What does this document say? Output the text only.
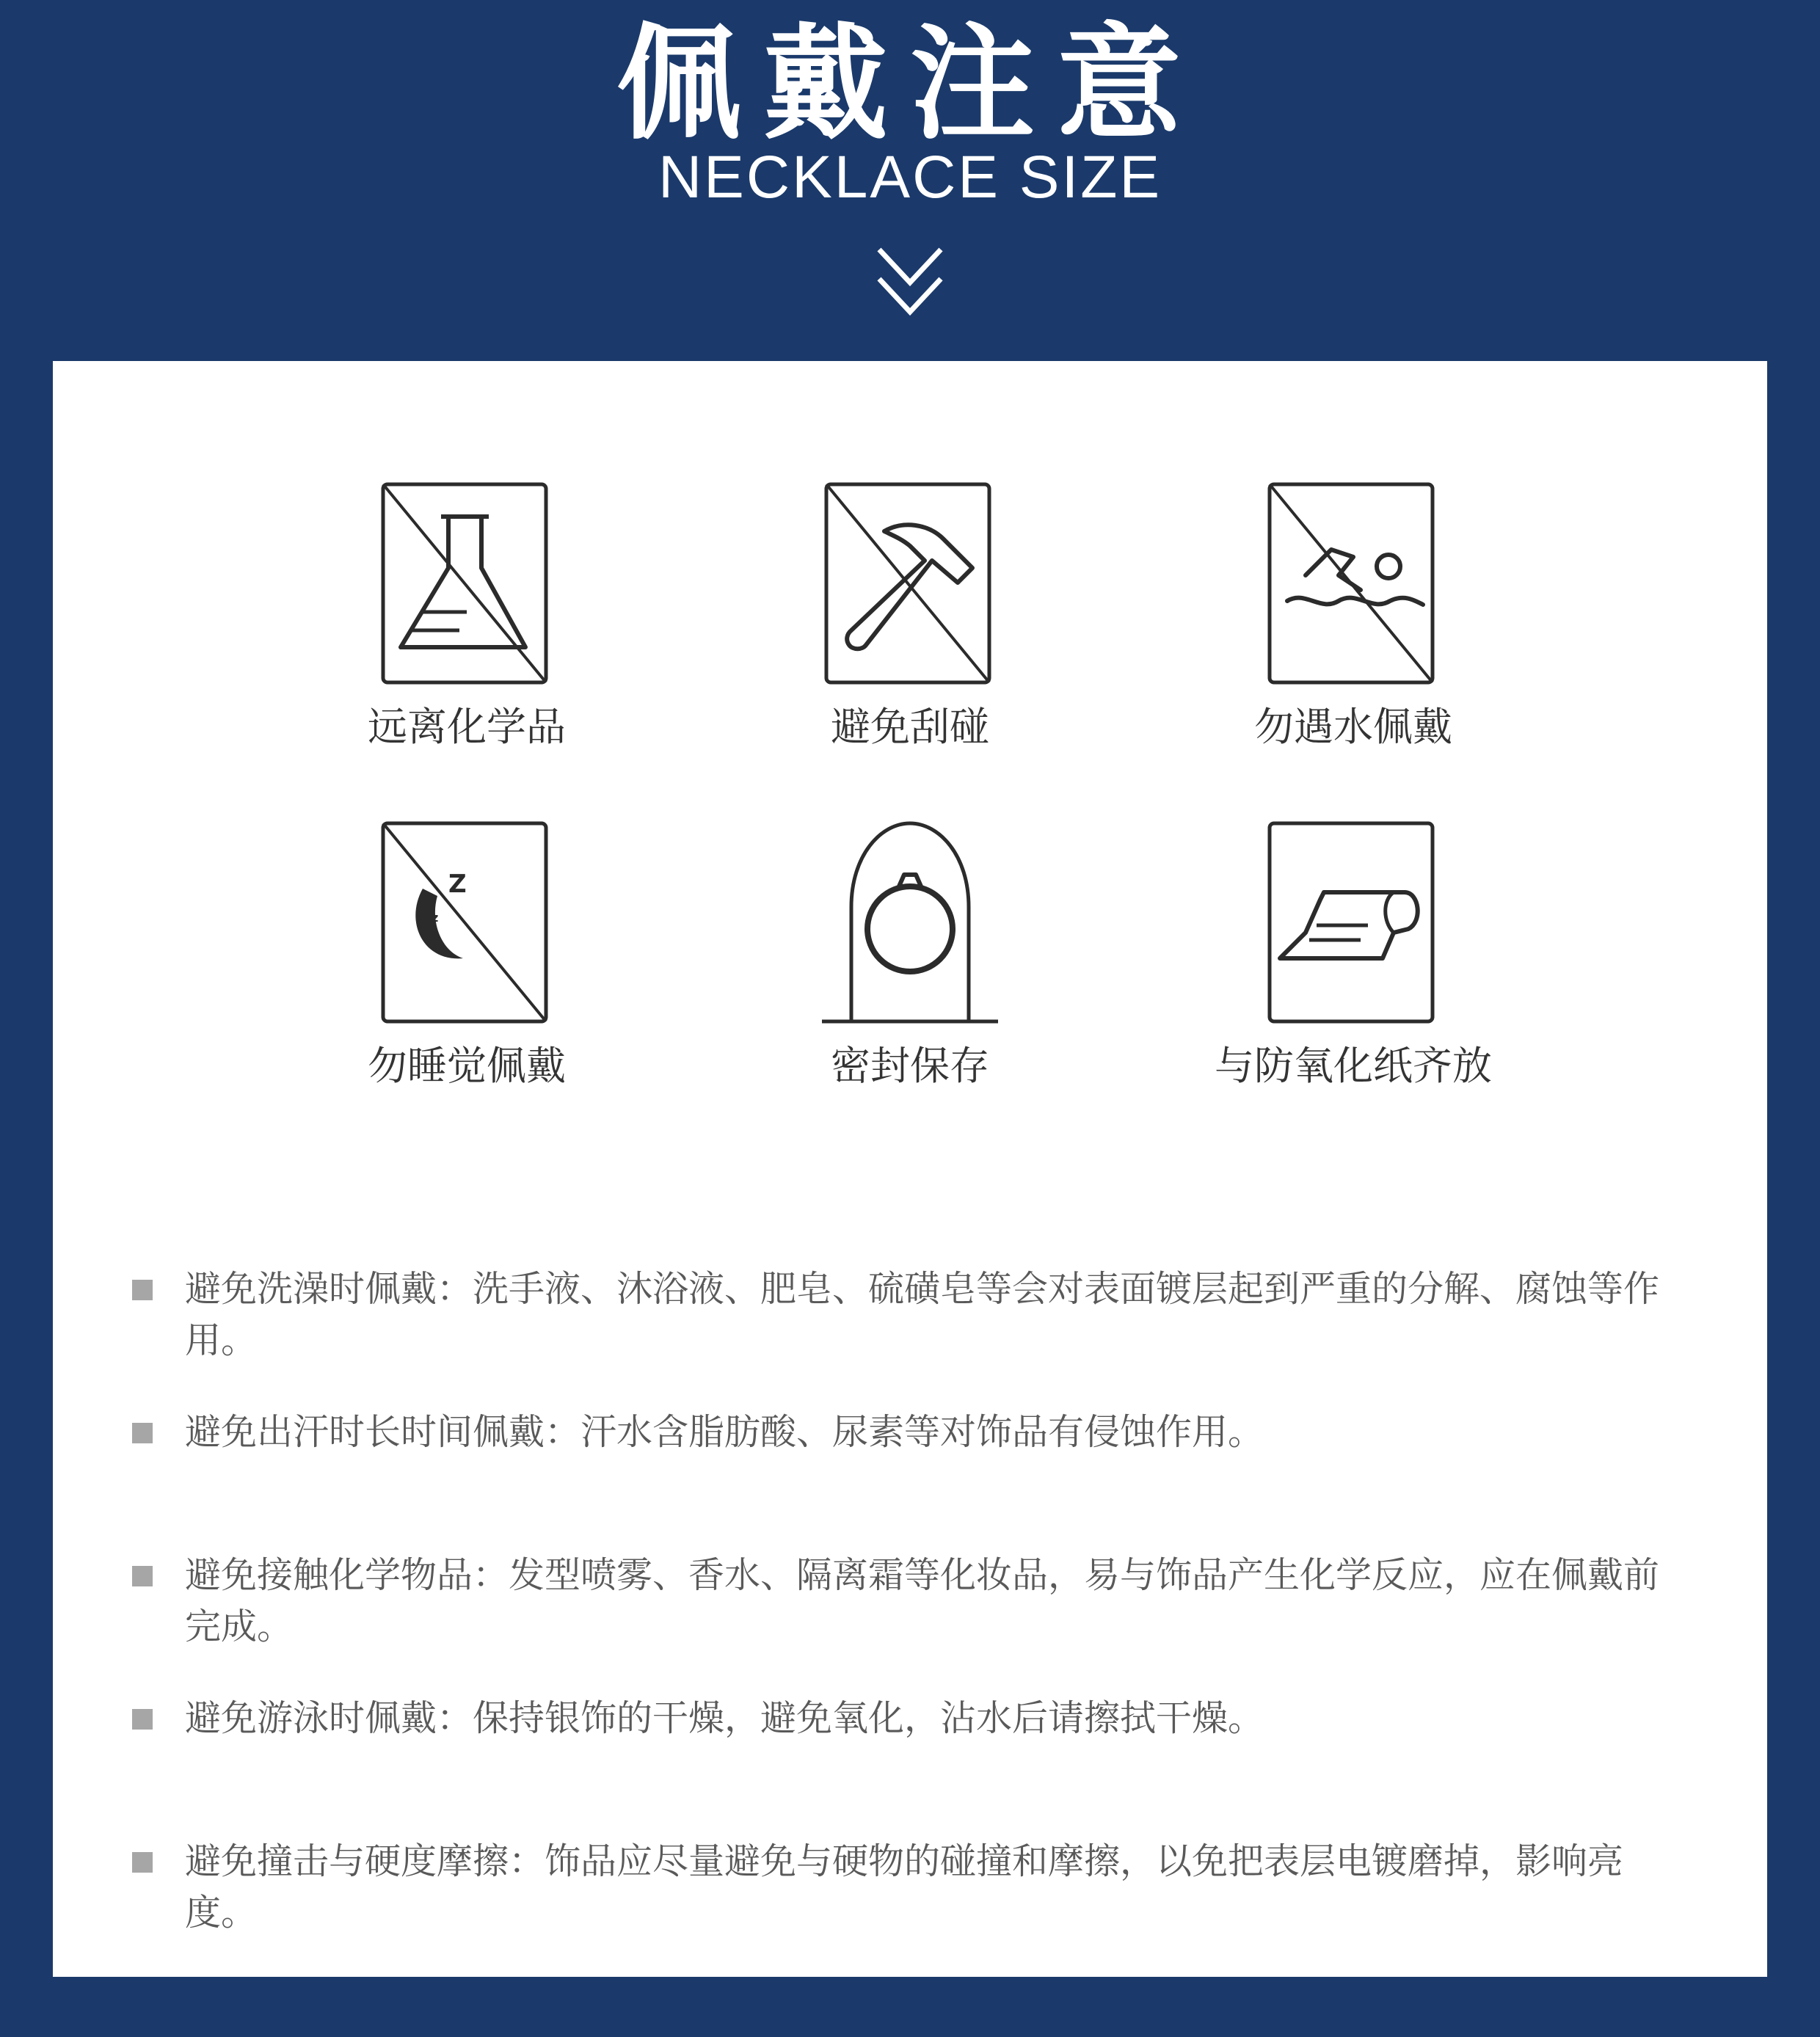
佩戴注意
NECKLACE SIZE
远离化学品	避免刮碰	勿遇水佩戴
Z
z
勿睡觉佩戴	密封保存	与防氧化纸齐放
避免洗澡时佩戴：洗手液、沐浴液、肥皂、硫磺皂等会对表面镀层起到严重的分解、腐蚀等作用。
避免出汗时长时间佩戴：汗水含脂肪酸、尿素等对饰品有侵蚀作用。
避免接触化学物品：发型喷雾、香水、隔离霜等化妆品，易与饰品产生化学反应，应在佩戴前完成。
避免游泳时佩戴：保持银饰的干燥，避免氧化，沾水后请擦拭干燥。
避免撞击与硬度摩擦：饰品应尽量避免与硬物的碰撞和摩擦，以免把表层电镀磨掉，影响亮度。
